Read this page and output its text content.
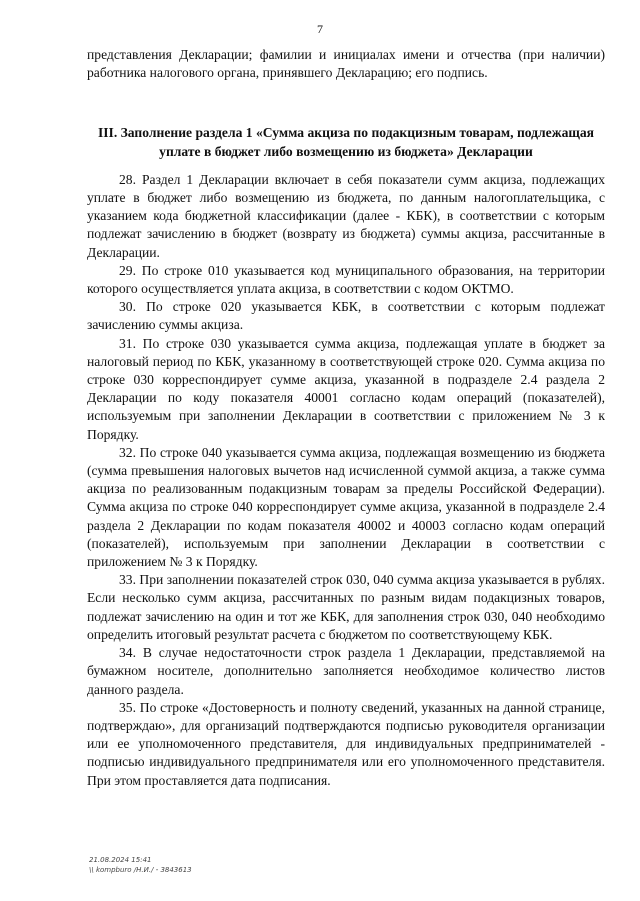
7

представления Декларации; фамилии и инициалах имени и отчества (при наличии) работника налогового органа, принявшего Декларацию; его подпись.

III. Заполнение раздела 1 «Сумма акциза по подакцизным товарам, подлежащая уплате в бюджет либо возмещению из бюджета» Декларации

28. Раздел 1 Декларации включает в себя показатели сумм акциза, подлежащих уплате в бюджет либо возмещению из бюджета, по данным налогоплательщика, с указанием кода бюджетной классификации (далее - КБК), в соответствии с которым подлежат зачислению в бюджет (возврату из бюджета) суммы акциза, рассчитанные в Декларации.

29. По строке 010 указывается код муниципального образования, на территории которого осуществляется уплата акциза, в соответствии с кодом ОКТМО.

30. По строке 020 указывается КБК, в соответствии с которым подлежат зачислению суммы акциза.

31. По строке 030 указывается сумма акциза, подлежащая уплате в бюджет за налоговый период по КБК, указанному в соответствующей строке 020. Сумма акциза по строке 030 корреспондирует сумме акциза, указанной в подразделе 2.4 раздела 2 Декларации по коду показателя 40001 согласно кодам операций (показателей), используемым при заполнении Декларации в соответствии с приложением № 3 к Порядку.

32. По строке 040 указывается сумма акциза, подлежащая возмещению из бюджета (сумма превышения налоговых вычетов над исчисленной суммой акциза, а также сумма акциза по реализованным подакцизным товарам за пределы Российской Федерации). Сумма акциза по строке 040 корреспондирует сумме акциза, указанной в подразделе 2.4 раздела 2 Декларации по кодам показателя 40002 и 40003 согласно кодам операций (показателей), используемым при заполнении Декларации в соответствии с приложением № 3 к Порядку.

33. При заполнении показателей строк 030, 040 сумма акциза указывается в рублях. Если несколько сумм акциза, рассчитанных по разным видам подакцизных товаров, подлежат зачислению на один и тот же КБК, для заполнения строк 030, 040 необходимо определить итоговый результат расчета с бюджетом по соответствующему КБК.

34. В случае недостаточности строк раздела 1 Декларации, представляемой на бумажном носителе, дополнительно заполняется необходимое количество листов данного раздела.

35. По строке «Достоверность и полноту сведений, указанных на данной странице, подтверждаю», для организаций подтверждаются подписью руководителя организации или ее уполномоченного представителя, для индивидуальных предпринимателей - подписью индивидуального предпринимателя или его уполномоченного представителя. При этом проставляется дата подписания.

21.08.2024 15:41
\\ kompburo /Н.И./ - 3843613
